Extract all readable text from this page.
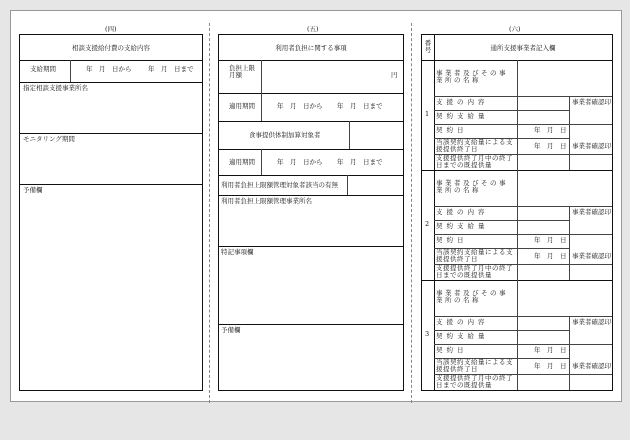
(四)	(五)	(六)
相談支援給付費の支給内容
支給期間	年　月　日から	年　月　日まで
指定相談支援事業所名
モニタリング期間
予備欄
利用者負担に関する事項
負担上限月額	円
適用期間	年　月　日から 年　月　日まで
食事提供体制加算対象者
適用期間	年　月　日から 年　月　日まで
利用者負担上限額管理対象者該当の有無
利用者負担上限額管理事業所名
特記事項欄
予備欄
番号	通所支援事業者記入欄
1
事業者及びその事業所の名称
支援の内容	事業者確認印
契約支給量
契約日	年　月　日
当該契約支給量による支援提供終了日	年　月　日 事業者確認印
支援提供終了月中の終了日までの既提供量
2
事業者及びその事業所の名称
支援の内容	事業者確認印
契約支給量
契約日	年　月　日
当該契約支給量による支援提供終了日	年　月　日 事業者確認印
支援提供終了月中の終了日までの既提供量
3
事業者及びその事業所の名称
支援の内容	事業者確認印
契約支給量
契約日	年　月　日
当該契約支給量による支援提供終了日	年　月　日 事業者確認印
支援提供終了月中の終了日までの既提供量
